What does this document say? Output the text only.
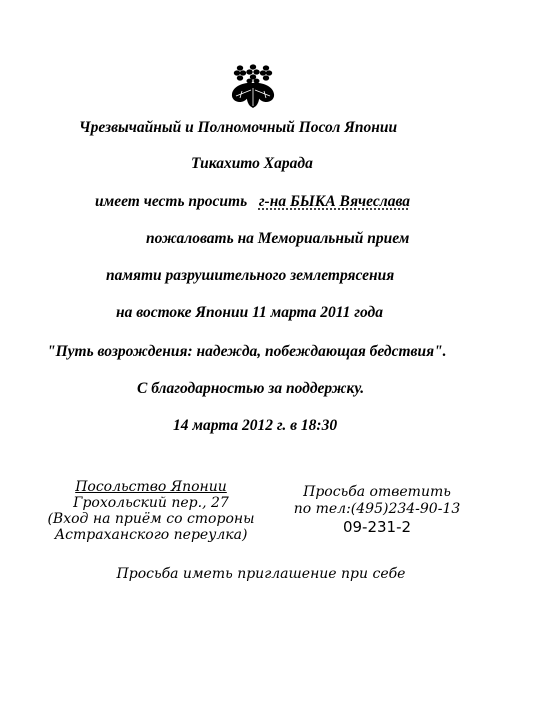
Чрезвычайный и Полномочный Посол Японии
Тикахито Харада
имеет честь просить г-на БЫКА Вячеслава
пожаловать на Мемориальный прием
памяти разрушительного землетрясения
на востоке Японии 11 марта 2011 года
"Путь возрождения: надежда, побеждающая бедствия".
С благодарностью за поддержку.
14 марта 2012 г. в 18:30
Посольство Японии
Грохольский пер., 27
(Вход на приём со стороны
Астраханского переулка)
Просьба ответить
по тел:(495)234-90-13
09-231-2
Просьба иметь приглашение при себе
